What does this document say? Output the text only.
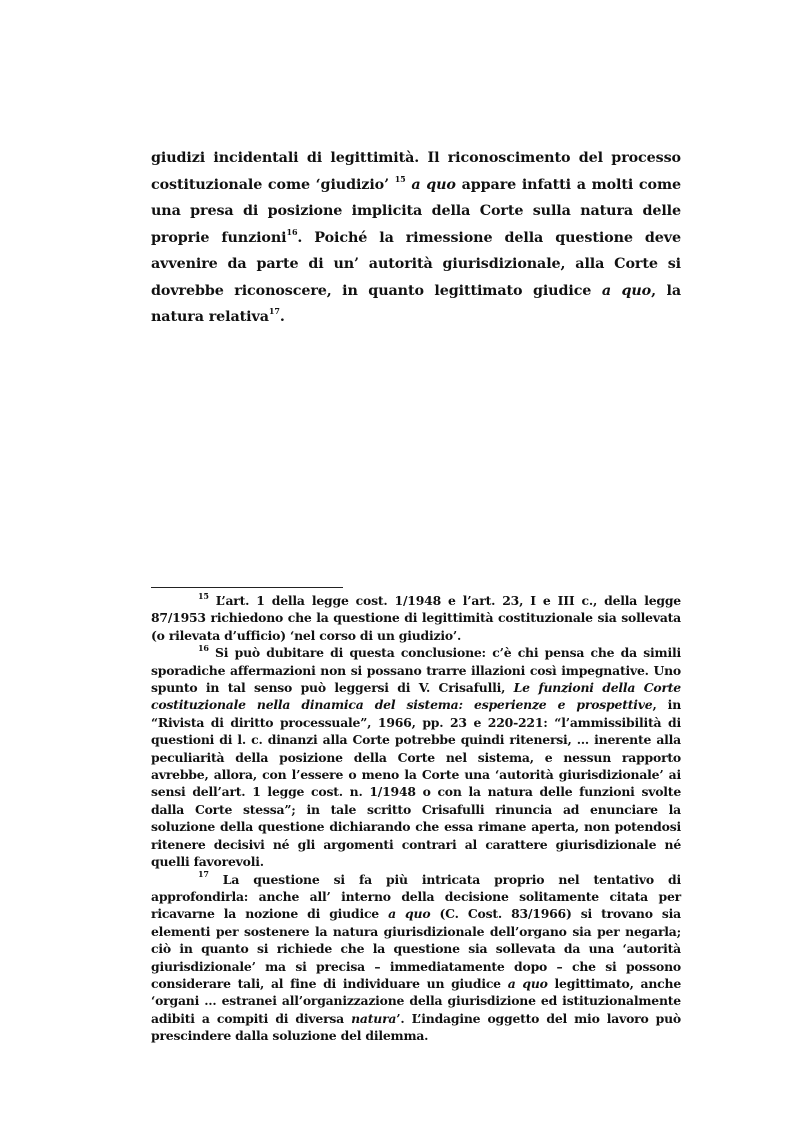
giudizi incidentali di legittimità. Il riconoscimento del processo costituzionale come ‘giudizio’ $^{15}$ a quo appare infatti a molti come una presa di posizione implicita della Corte sulla natura delle proprie funzioni$^{16}$. Poiché la rimessione della questione deve avvenire da parte di un’ autorità giurisdizionale, alla Corte si dovrebbe riconoscere, in quanto legittimato giudice a quo, la natura relativa$^{17}$.

$^{15}$ L’art. 1 della legge cost. 1/1948 e l’art. 23, I e III c., della legge 87/1953 richiedono che la questione di legittimità costituzionale sia sollevata (o rilevata d’ufficio) ‘nel corso di un giudizio’.

$^{16}$ Si può dubitare di questa conclusione: c’è chi pensa che da simili sporadiche affermazioni non si possano trarre illazioni così impegnative. Uno spunto in tal senso può leggersi di V. Crisafulli, Le funzioni della Corte costituzionale nella dinamica del sistema: esperienze e prospettive, in “Rivista di diritto processuale”, 1966, pp. 23 e 220-221: “l’ammissibilità di questioni di l. c. dinanzi alla Corte potrebbe quindi ritenersi, … inerente alla peculiarità della posizione della Corte nel sistema, e nessun rapporto avrebbe, allora, con l’essere o meno la Corte una ‘autorità giurisdizionale’ ai sensi dell’art. 1 legge cost. n. 1/1948 o con la natura delle funzioni svolte dalla Corte stessa”; in tale scritto Crisafulli rinuncia ad enunciare la soluzione della questione dichiarando che essa rimane aperta, non potendosi ritenere decisivi né gli argomenti contrari al carattere giurisdizionale né quelli favorevoli.

$^{17}$ La questione si fa più intricata proprio nel tentativo di approfondirla: anche all’ interno della decisione solitamente citata per ricavarne la nozione di giudice a quo (C. Cost. 83/1966) si trovano sia elementi per sostenere la natura giurisdizionale dell’organo sia per negarla; ciò in quanto si richiede che la questione sia sollevata da una ‘autorità giurisdizionale’ ma si precisa – immediatamente dopo – che si possono considerare tali, al fine di individuare un giudice a quo legittimato, anche ‘organi … estranei all’organizzazione della giurisdizione ed istituzionalmente adibiti a compiti di diversa natura’. L’indagine oggetto del mio lavoro può prescindere dalla soluzione del dilemma.
